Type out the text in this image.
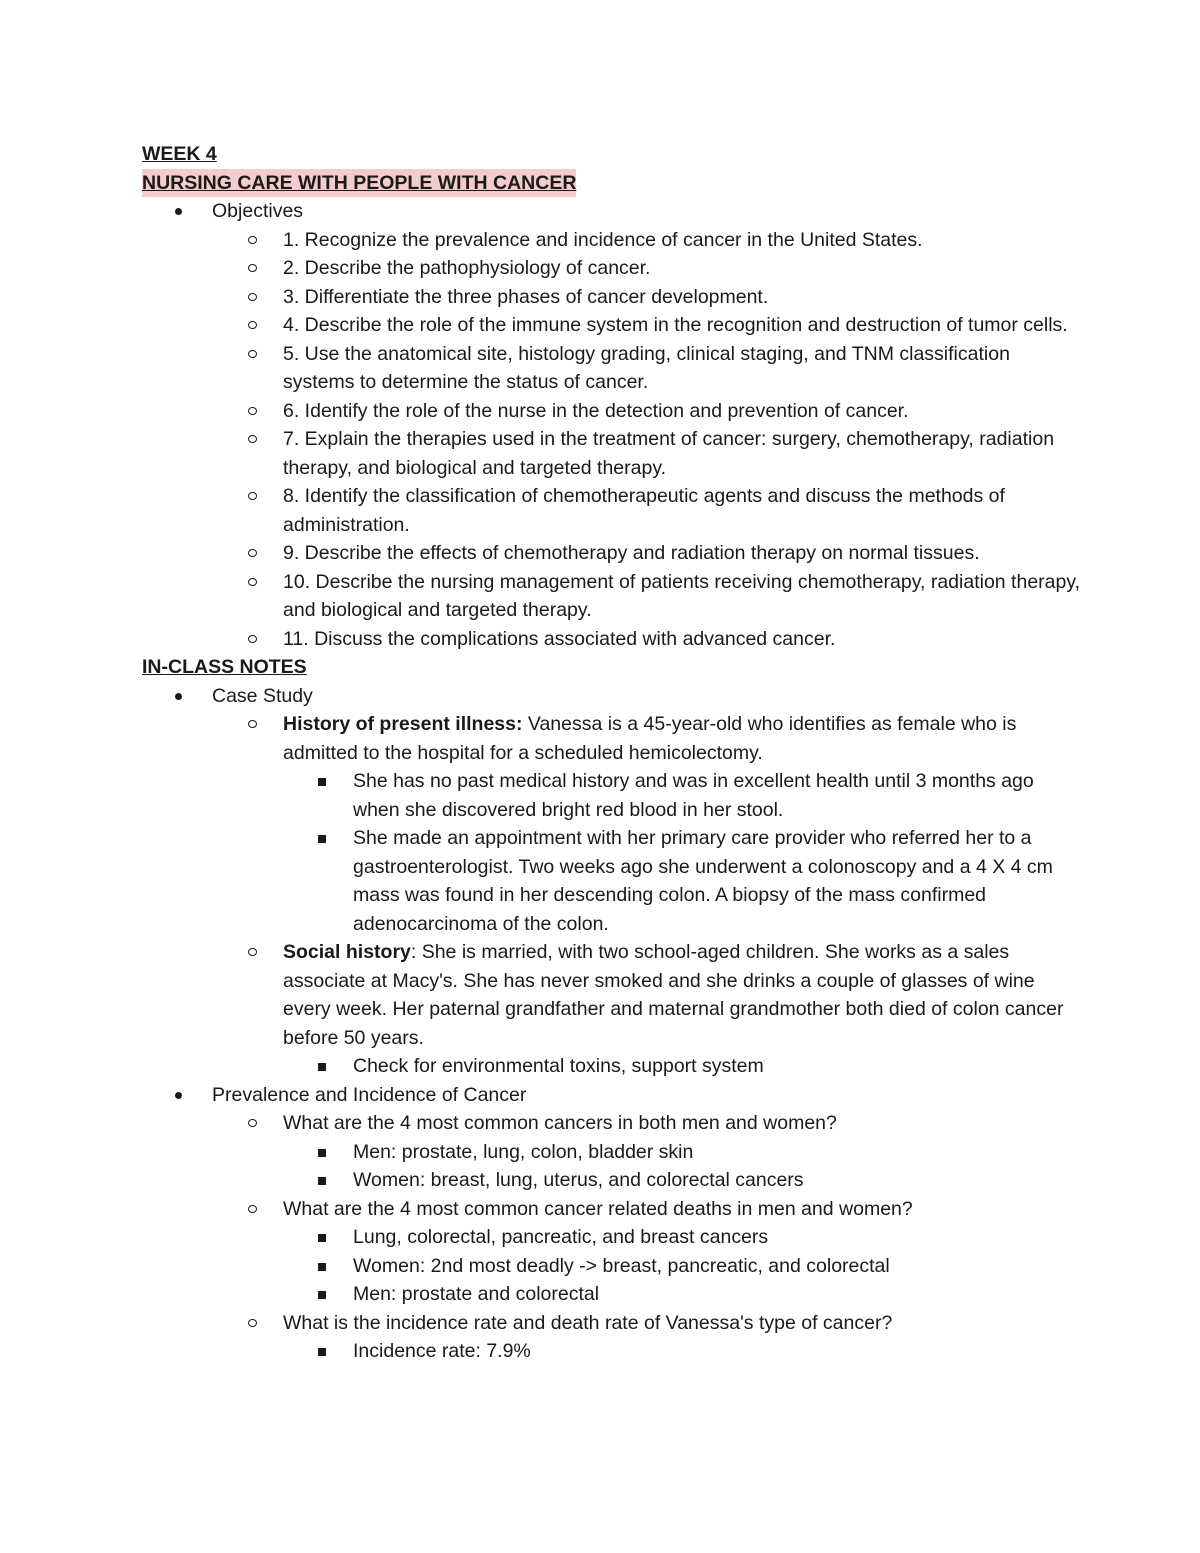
WEEK 4
NURSING CARE WITH PEOPLE WITH CANCER
Objectives
1. Recognize the prevalence and incidence of cancer in the United States.
2. Describe the pathophysiology of cancer.
3. Differentiate the three phases of cancer development.
4. Describe the role of the immune system in the recognition and destruction of tumor cells.
5. Use the anatomical site, histology grading, clinical staging, and TNM classification systems to determine the status of cancer.
6. Identify the role of the nurse in the detection and prevention of cancer.
7. Explain the therapies used in the treatment of cancer: surgery, chemotherapy, radiation therapy, and biological and targeted therapy.
8. Identify the classification of chemotherapeutic agents and discuss the methods of administration.
9. Describe the effects of chemotherapy and radiation therapy on normal tissues.
10. Describe the nursing management of patients receiving chemotherapy, radiation therapy, and biological and targeted therapy.
11. Discuss the complications associated with advanced cancer.
IN-CLASS NOTES
Case Study
History of present illness: Vanessa is a 45-year-old who identifies as female who is admitted to the hospital for a scheduled hemicolectomy.
She has no past medical history and was in excellent health until 3 months ago when she discovered bright red blood in her stool.
She made an appointment with her primary care provider who referred her to a gastroenterologist. Two weeks ago she underwent a colonoscopy and a 4 X 4 cm mass was found in her descending colon. A biopsy of the mass confirmed adenocarcinoma of the colon.
Social history: She is married, with two school-aged children. She works as a sales associate at Macy's. She has never smoked and she drinks a couple of glasses of wine every week. Her paternal grandfather and maternal grandmother both died of colon cancer before 50 years.
Check for environmental toxins, support system
Prevalence and Incidence of Cancer
What are the 4 most common cancers in both men and women?
Men: prostate, lung, colon, bladder skin
Women: breast, lung, uterus, and colorectal cancers
What are the 4 most common cancer related deaths in men and women?
Lung, colorectal, pancreatic, and breast cancers
Women: 2nd most deadly -> breast, pancreatic, and colorectal
Men: prostate and colorectal
What is the incidence rate and death rate of Vanessa's type of cancer?
Incidence rate: 7.9%
